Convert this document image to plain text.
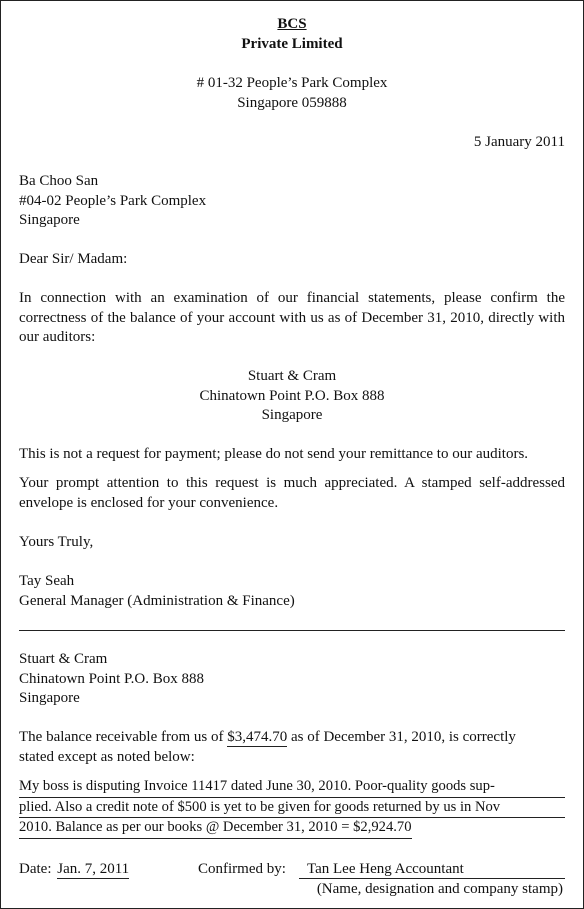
BCS
Private Limited
# 01-32 People’s Park Complex
Singapore 059888
5 January 2011
Ba Choo San
#04-02 People’s Park Complex
Singapore
Dear Sir/ Madam:
In connection with an examination of our financial statements, please confirm the correctness of the balance of your account with us as of December 31, 2010, directly with our auditors:
Stuart & Cram
Chinatown Point P.O. Box 888
Singapore
This is not a request for payment; please do not send your remittance to our auditors.
Your prompt attention to this request is much appreciated. A stamped self-addressed envelope is enclosed for your convenience.
Yours Truly,
Tay Seah
General Manager (Administration & Finance)
Stuart & Cram
Chinatown Point P.O. Box 888
Singapore
The balance receivable from us of $3,474.70 as of December 31, 2010, is correctly
stated except as noted below:
My boss is disputing Invoice 11417 dated June 30, 2010. Poor-quality goods sup-
plied. Also a credit note of $500 is yet to be given for goods returned by us in Nov
2010. Balance as per our books @ December 31, 2010 = $2,924.70
Date: Jan. 7, 2011	Confirmed by:	Tan Lee Heng Accountant
(Name, designation and company stamp)
